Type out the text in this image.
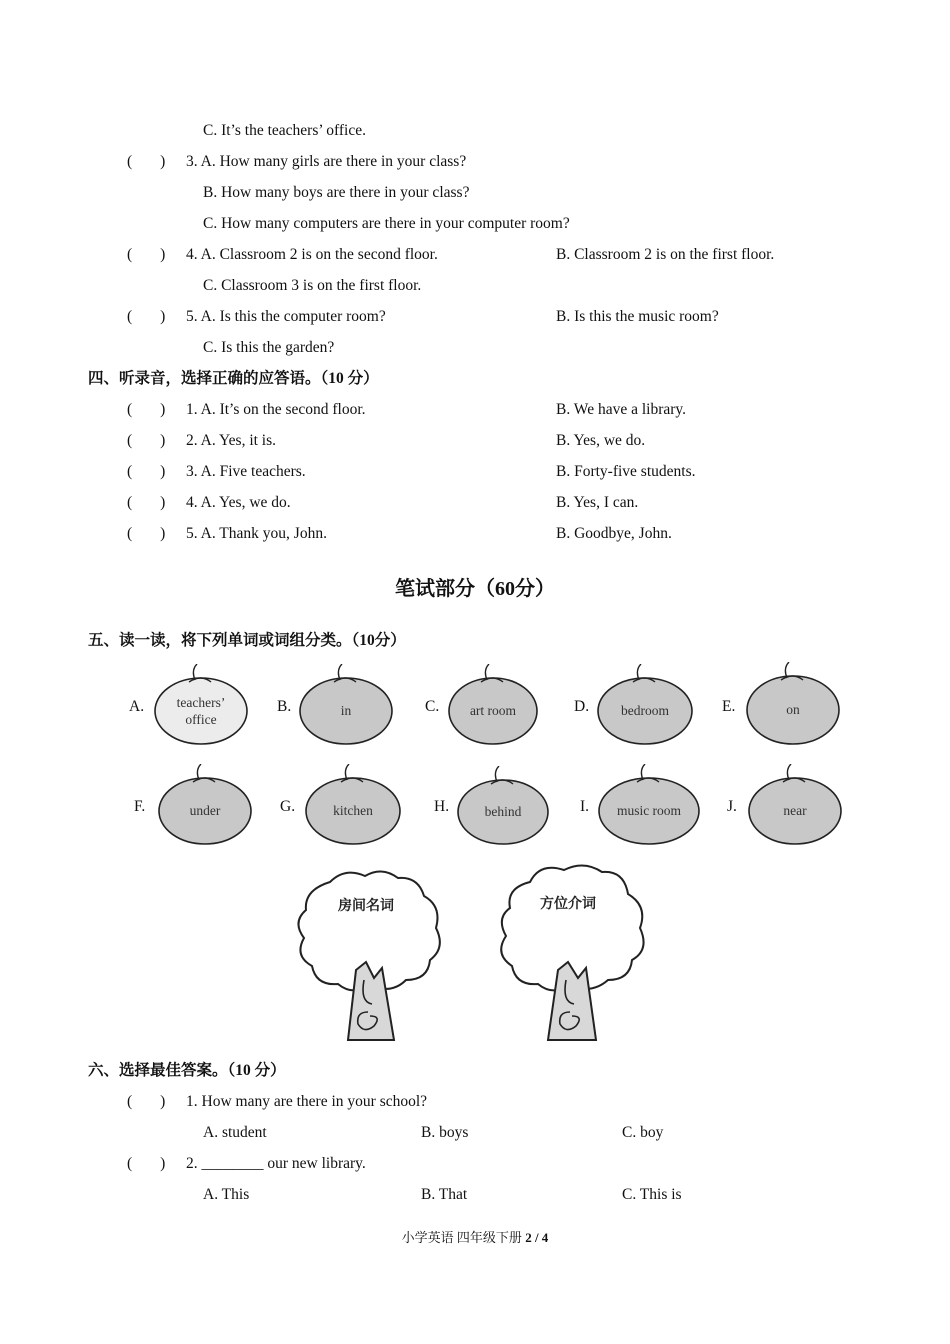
C. It’s the teachers’ office.
( ) 3. A. How many girls are there in your class?
B. How many boys are there in your class?
C. How many computers are there in your computer room?
( ) 4. A. Classroom 2 is on the second floor.	B. Classroom 2 is on the first floor.
C. Classroom 3 is on the first floor.
( ) 5. A. Is this the computer room?	B. Is this the music room?
C. Is this the garden?
四、听录音，选择正确的应答语。（10 分）
( ) 1. A. It’s on the second floor.	B. We have a library.
( ) 2. A. Yes, it is.	B. Yes, we do.
( ) 3. A. Five teachers.	B. Forty-five students.
( ) 4. A. Yes, we do.	B. Yes, I can.
( ) 5. A. Thank you, John.	B. Goodbye, John.
笔试部分（60分）
五、读一读，将下列单词或词组分类。（10分）
A.	teachers’ office
B.	in	C.	art room	D.	bedroom	E.	on
F.	under	G.	kitchen	H.	behind	I.	music room	J.	near
房间名词	方位介词
六、选择最佳答案。（10 分）
( ) 1. How many are there in your school?
A. student	B. boys	C. boy
( ) 2. ________ our new library.
A. This	B. That	C. This is
小学英语 四年级下册 2 / 4
